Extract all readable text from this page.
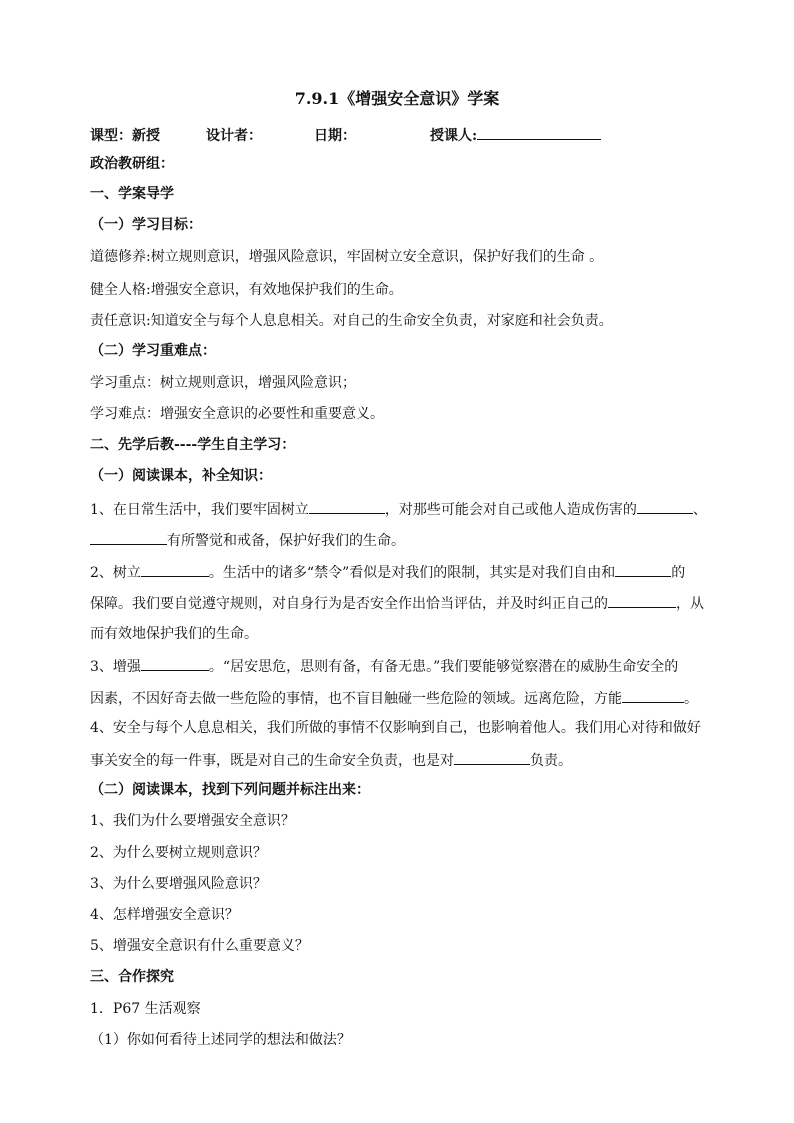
7.9.1《增强安全意识》学案
课型：新授	设计者：	日期：	授课人:
政治教研组：
一、学案导学
（一）学习目标：
道德修养:树立规则意识，增强风险意识，牢固树立安全意识，保护好我们的生命 。
健全人格:增强安全意识，有效地保护我们的生命。
责任意识:知道安全与每个人息息相关。对自己的生命安全负责，对家庭和社会负责。
（二）学习重难点：
学习重点：树立规则意识，增强风险意识；
学习难点：增强安全意识的必要性和重要意义。
二、先学后教----学生自主学习：
（一）阅读课本，补全知识：
1、在日常生活中，我们要牢固树立	，对那些可能会对自己或他人造成伤害的	、
有所警觉和戒备，保护好我们的生命。
2、树立	。生活中的诸多“禁令”看似是对我们的限制，其实是对我们自由和	的
保障。我们要自觉遵守规则，对自身行为是否安全作出恰当评估，并及时纠正自己的	，从
而有效地保护我们的生命。
3、增强	。“居安思危，思则有备，有备无患。”我们要能够觉察潜在的威胁生命安全的
因素，不因好奇去做一些危险的事情，也不盲目触碰一些危险的领域。远离危险，方能	。
4、安全与每个人息息相关，我们所做的事情不仅影响到自己，也影响着他人。我们用心对待和做好
事关安全的每一件事，既是对自己的生命安全负责，也是对	负责。
（二）阅读课本，找到下列问题并标注出来：
1、我们为什么要增强安全意识？
2、为什么要树立规则意识？
3、为什么要增强风险意识？
4、怎样增强安全意识？
5、增强安全意识有什么重要意义？
三、合作探究
1．P67 生活观察
（1）你如何看待上述同学的想法和做法？
